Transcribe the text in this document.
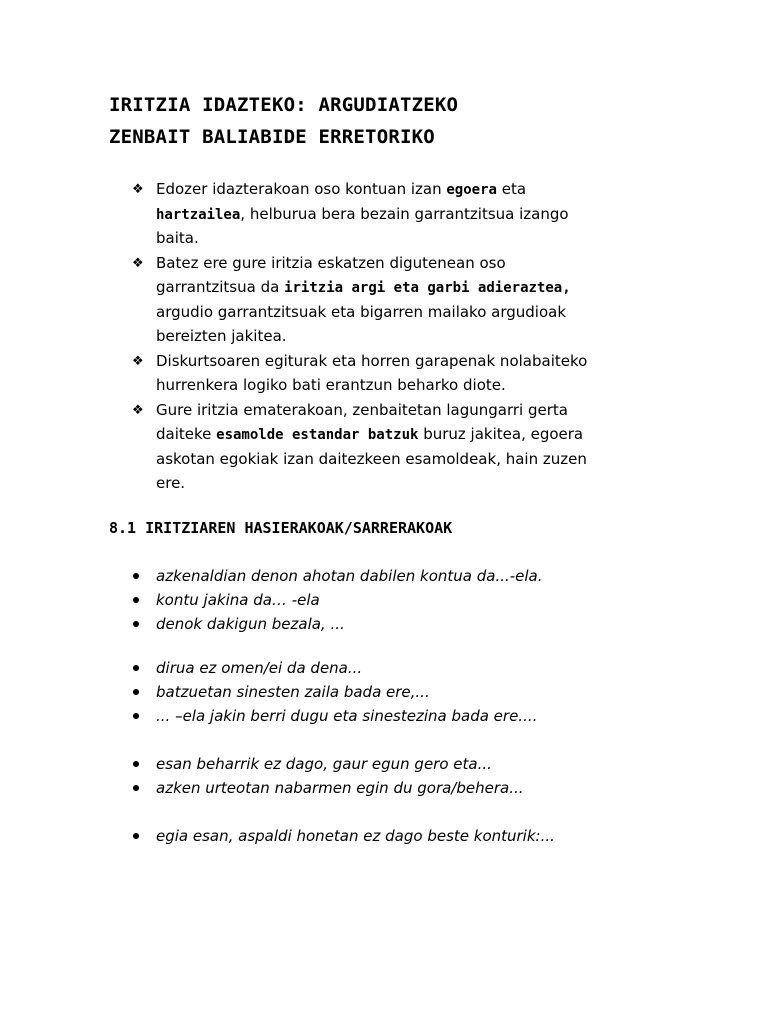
IRITZIA IDAZTEKO: ARGUDIATZEKO
ZENBAIT BALIABIDE ERRETORIKO
❖ Edozer idazterakoan oso kontuan izan egoera eta
hartzailea, helburua bera bezain garrantzitsua izango
baita.
❖ Batez ere gure iritzia eskatzen digutenean oso
garrantzitsua da iritzia argi eta garbi adieraztea,
argudio garrantzitsuak eta bigarren mailako argudioak
bereizten jakitea.
❖ Diskurtsoaren egiturak eta horren garapenak nolabaiteko
hurrenkera logiko bati erantzun beharko diote.
❖ Gure iritzia ematerakoan, zenbaitetan lagungarri gerta
daiteke esamolde estandar batzuk buruz jakitea, egoera
askotan egokiak izan daitezkeen esamoldeak, hain zuzen
ere.
8.1 IRITZIAREN HASIERAKOAK/SARRERAKOAK
azkenaldian denon ahotan dabilen kontua da...-ela.
kontu jakina da… -ela
denok dakigun bezala, ...
dirua ez omen/ei da dena...
batzuetan sinesten zaila bada ere,...
... –ela jakin berri dugu eta sinestezina bada ere....
esan beharrik ez dago, gaur egun gero eta...
azken urteotan nabarmen egin du gora/behera...
egia esan, aspaldi honetan ez dago beste konturik:...
